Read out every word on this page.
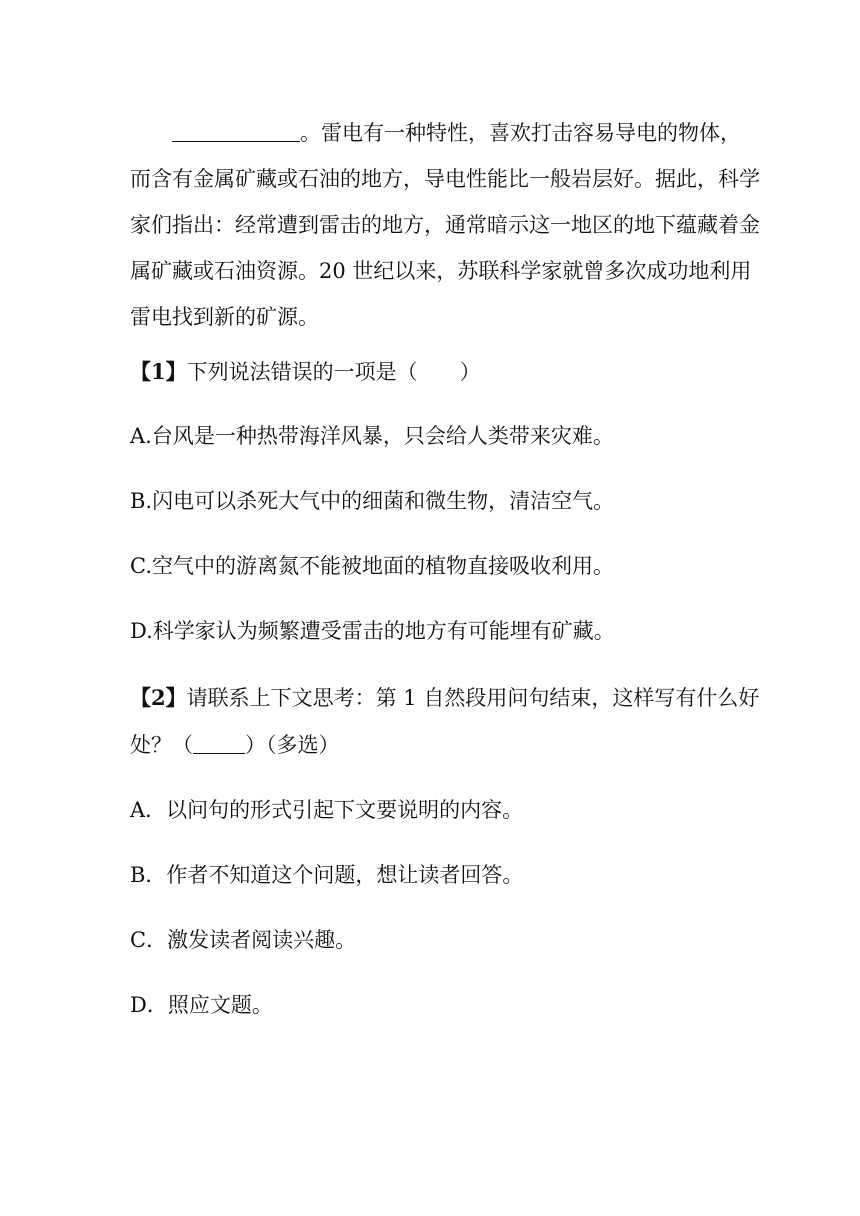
。雷电有一种特性，喜欢打击容易导电的物体，
而含有金属矿藏或石油的地方，导电性能比一般岩层好。据此，科学
家们指出：经常遭到雷击的地方，通常暗示这一地区的地下蕴藏着金
属矿藏或石油资源。20 世纪以来，苏联科学家就曾多次成功地利用
雷电找到新的矿源。
【1】下列说法错误的一项是（　　）
A.台风是一种热带海洋风暴，只会给人类带来灾难。
B.闪电可以杀死大气中的细菌和微生物，清洁空气。
C.空气中的游离氮不能被地面的植物直接吸收利用。
D.科学家认为频繁遭受雷击的地方有可能埋有矿藏。
【2】请联系上下文思考：第 1 自然段用问句结束，这样写有什么好
处？（ ）（多选）
A．以问句的形式引起下文要说明的内容。
B．作者不知道这个问题，想让读者回答。
C．激发读者阅读兴趣。
D．照应文题。
